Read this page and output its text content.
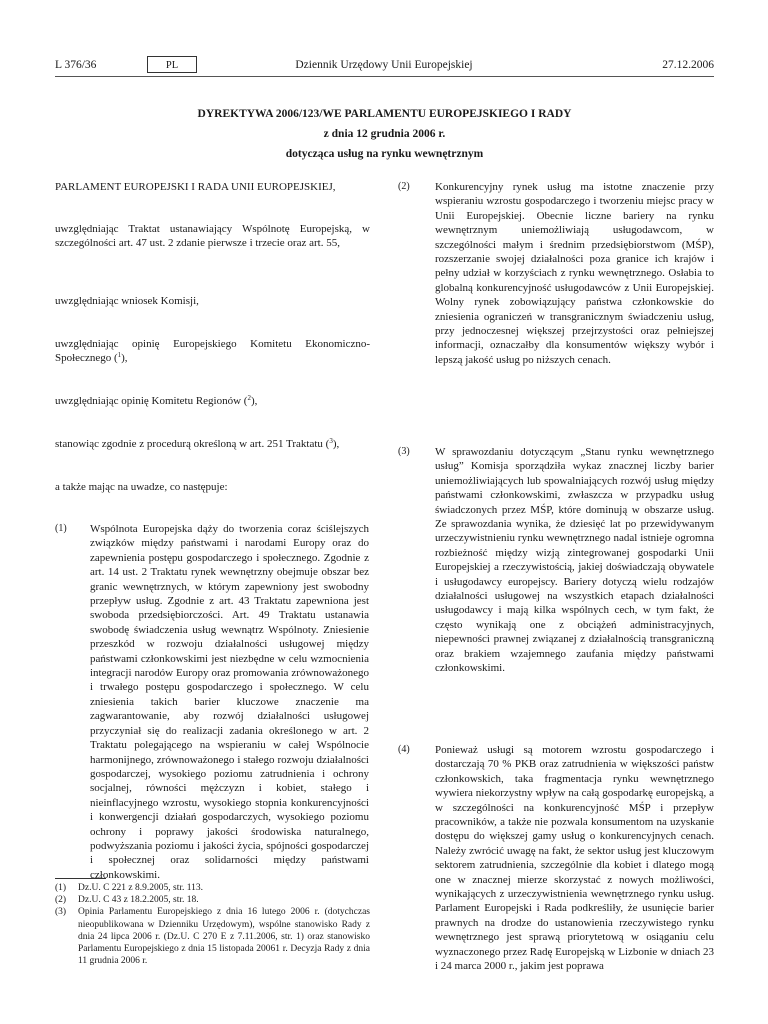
L 376/36	PL	Dziennik Urzędowy Unii Europejskiej	27.12.2006
DYREKTYWA 2006/123/WE PARLAMENTU EUROPEJSKIEGO I RADY
z dnia 12 grudnia 2006 r.
dotycząca usług na rynku wewnętrznym
PARLAMENT EUROPEJSKI I RADA UNII EUROPEJSKIEJ,
uwzględniając Traktat ustanawiający Wspólnotę Europejską, w szczególności art. 47 ust. 2 zdanie pierwsze i trzecie oraz art. 55,
uwzględniając wniosek Komisji,
uwzględniając opinię Europejskiego Komitetu Ekonomiczno-Społecznego ($^1$),
uwzględniając opinię Komitetu Regionów ($^2$),
stanowiąc zgodnie z procedurą określoną w art. 251 Traktatu ($^3$),
a także mając na uwadze, co następuje:
(1) Wspólnota Europejska dąży do tworzenia coraz ściślejszych związków między państwami i narodami Europy oraz do zapewnienia postępu gospodarczego i społecznego. Zgodnie z art. 14 ust. 2 Traktatu rynek wewnętrzny obejmuje obszar bez granic wewnętrznych, w którym zapewniony jest swobodny przepływ usług. Zgodnie z art. 43 Traktatu zapewniona jest swoboda przedsiębiorczości. Art. 49 Traktatu ustanawia swobodę świadczenia usług wewnątrz Wspólnoty. Zniesienie przeszkód w rozwoju działalności usługowej między państwami członkowskimi jest niezbędne w celu wzmocnienia integracji narodów Europy oraz promowania zrównoważonego i trwałego postępu gospodarczego i społecznego. W celu zniesienia takich barier kluczowe znaczenie ma zagwarantowanie, aby rozwój działalności usługowej przyczyniał się do realizacji zadania określonego w art. 2 Traktatu polegającego na wspieraniu w całej Wspólnocie harmonijnego, zrównoważonego i stałego rozwoju działalności gospodarczej, wysokiego poziomu zatrudnienia i ochrony socjalnej, równości mężczyzn i kobiet, stałego i nieinflacyjnego wzrostu, wysokiego stopnia konkurencyjności i konwergencji działań gospodarczych, wysokiego poziomu ochrony i poprawy jakości środowiska naturalnego, podwyższania poziomu i jakości życia, spójności gospodarczej i społecznej oraz solidarności między państwami członkowskimi.
(2) Konkurencyjny rynek usług ma istotne znaczenie przy wspieraniu wzrostu gospodarczego i tworzeniu miejsc pracy w Unii Europejskiej. Obecnie liczne bariery na rynku wewnętrznym uniemożliwiają usługodawcom, w szczególności małym i średnim przedsiębiorstwom (MŚP), rozszerzanie swojej działalności poza granice ich krajów i pełny udział w korzyściach z rynku wewnętrznego. Osłabia to globalną konkurencyjność usługodawców z Unii Europejskiej. Wolny rynek zobowiązujący państwa członkowskie do zniesienia ograniczeń w transgranicznym świadczeniu usług, przy jednoczesnej większej przejrzystości oraz pełniejszej informacji, oznaczałby dla konsumentów większy wybór i lepszą jakość usług po niższych cenach.
(3) W sprawozdaniu dotyczącym „Stanu rynku wewnętrznego usług” Komisja sporządziła wykaz znacznej liczby barier uniemożliwiających lub spowalniających rozwój usług między państwami członkowskimi, zwłaszcza w przypadku usług świadczonych przez MŚP, które dominują w obszarze usług. Ze sprawozdania wynika, że dziesięć lat po przewidywanym urzeczywistnieniu rynku wewnętrznego nadal istnieje ogromna rozbieżność między wizją zintegrowanej gospodarki Unii Europejskiej a rzeczywistością, jakiej doświadczają obywatele i usługodawcy europejscy. Bariery dotyczą wielu rodzajów działalności usługowej na wszystkich etapach działalności usługodawcy i mają kilka wspólnych cech, w tym fakt, że często wynikają one z obciążeń administracyjnych, niepewności prawnej związanej z działalnością transgraniczną oraz brakiem wzajemnego zaufania między państwami członkowskimi.
(4) Ponieważ usługi są motorem wzrostu gospodarczego i dostarczają 70 % PKB oraz zatrudnienia w większości państw członkowskich, taka fragmentacja rynku wewnętrznego wywiera niekorzystny wpływ na całą gospodarkę europejską, a w szczególności na konkurencyjność MŚP i przepływ pracowników, a także nie pozwala konsumentom na uzyskanie dostępu do większej gamy usług o konkurencyjnych cenach. Należy zwrócić uwagę na fakt, że sektor usług jest kluczowym sektorem zatrudnienia, szczególnie dla kobiet i dlatego mogą one w znacznej mierze skorzystać z nowych możliwości, wynikających z urzeczywistnienia wewnętrznego rynku usług. Parlament Europejski i Rada podkreśliły, że usunięcie barier prawnych na drodze do ustanowienia rzeczywistego rynku wewnętrznego jest sprawą priorytetową w osiąganiu celu wyznaczonego przez Radę Europejską w Lizbonie w dniach 23 i 24 marca 2000 r., jakim jest poprawa
(1) Dz.U. C 221 z 8.9.2005, str. 113.
(2) Dz.U. C 43 z 18.2.2005, str. 18.
(3) Opinia Parlamentu Europejskiego z dnia 16 lutego 2006 r. (dotychczas nieopublikowana w Dzienniku Urzędowym), wspólne stanowisko Rady z dnia 24 lipca 2006 r. (Dz.U. C 270 E z 7.11.2006, str. 1) oraz stanowisko Parlamentu Europejskiego z dnia 15 listopada 20061 r. Decyzja Rady z dnia 11 grudnia 2006 r.
